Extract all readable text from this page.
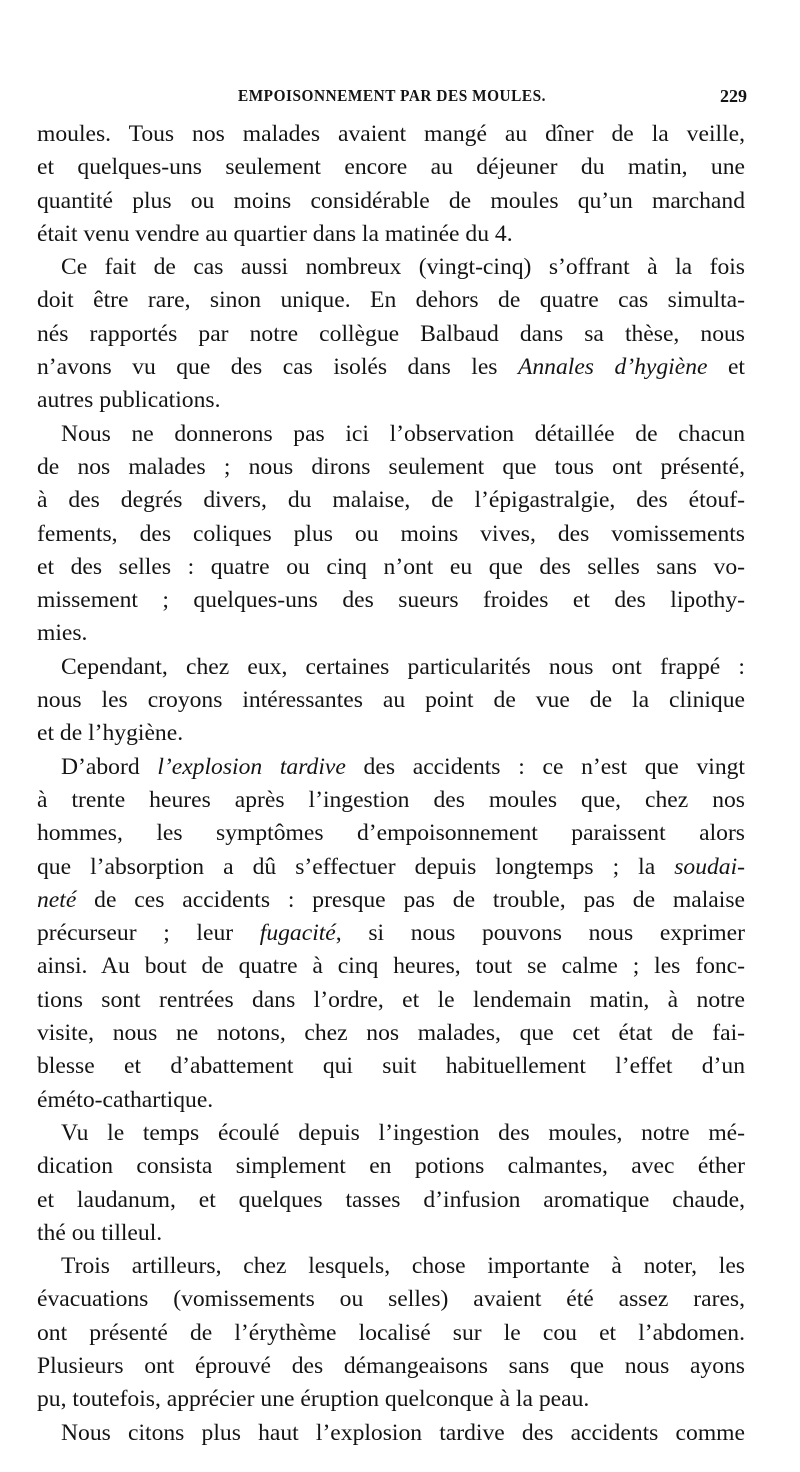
EMPOISONNEMENT PAR DES MOULES.	229
moules. Tous nos malades avaient mangé au dîner de la veille,
et quelques-uns seulement encore au déjeuner du matin, une
quantité plus ou moins considérable de moules qu’un marchand
était venu vendre au quartier dans la matinée du 4.
Ce fait de cas aussi nombreux (vingt-cinq) s’offrant à la fois
doit être rare, sinon unique. En dehors de quatre cas simulta-
nés rapportés par notre collègue Balbaud dans sa thèse, nous
n’avons vu que des cas isolés dans les Annales d’hygiène et
autres publications.
Nous ne donnerons pas ici l’observation détaillée de chacun
de nos malades ; nous dirons seulement que tous ont présenté,
à des degrés divers, du malaise, de l’épigastralgie, des étouf-
fements, des coliques plus ou moins vives, des vomissements
et des selles : quatre ou cinq n’ont eu que des selles sans vo-
missement ; quelques-uns des sueurs froides et des lipothy-
mies.
Cependant, chez eux, certaines particularités nous ont frappé :
nous les croyons intéressantes au point de vue de la clinique
et de l’hygiène.
D’abord l’explosion tardive des accidents : ce n’est que vingt
à trente heures après l’ingestion des moules que, chez nos
hommes, les symptômes d’empoisonnement paraissent alors
que l’absorption a dû s’effectuer depuis longtemps ; la soudai-
neté de ces accidents : presque pas de trouble, pas de malaise
précurseur ; leur fugacité, si nous pouvons nous exprimer
ainsi. Au bout de quatre à cinq heures, tout se calme ; les fonc-
tions sont rentrées dans l’ordre, et le lendemain matin, à notre
visite, nous ne notons, chez nos malades, que cet état de fai-
blesse et d’abattement qui suit habituellement l’effet d’un
éméto-cathartique.
Vu le temps écoulé depuis l’ingestion des moules, notre mé-
dication consista simplement en potions calmantes, avec éther
et laudanum, et quelques tasses d’infusion aromatique chaude,
thé ou tilleul.
Trois artilleurs, chez lesquels, chose importante à noter, les
évacuations (vomissements ou selles) avaient été assez rares,
ont présenté de l’érythème localisé sur le cou et l’abdomen.
Plusieurs ont éprouvé des démangeaisons sans que nous ayons
pu, toutefois, apprécier une éruption quelconque à la peau.
Nous citons plus haut l’explosion tardive des accidents comme
